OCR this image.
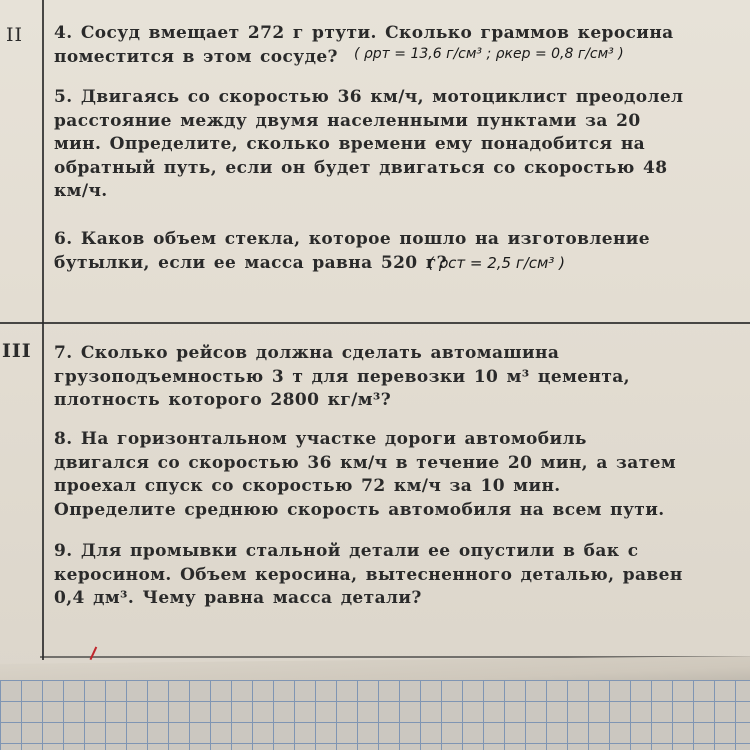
II
III
4. Сосуд вмещает 272 г ртути. Сколько граммов керосина поместится в этом сосуде?	( ρрт = 13,6 г/см³ ; ρкер = 0,8 г/см³ )
5. Двигаясь со скоростью 36 км/ч, мотоциклист преодолел расстояние между двумя населенными пунктами за 20 мин. Определите, сколько времени ему понадобится на обратный путь, если он будет двигаться со скоростью 48 км/ч.
6. Каков объем стекла, которое пошло на изготовление бутылки, если ее масса равна 520 г?
( ρст = 2,5 г/см³ )
7. Сколько рейсов должна сделать автомашина грузоподъемностью 3 т для перевозки 10 м³ цемента, плотность которого 2800 кг/м³?
8. На горизонтальном участке дороги автомобиль двигался со скоростью 36 км/ч в течение 20 мин, а затем проехал спуск со скоростью 72 км/ч за 10 мин. Определите среднюю скорость автомобиля на всем пути.
9. Для промывки стальной детали ее опустили в бак с керосином. Объем керосина, вытесненного деталью, равен 0,4 дм³. Чему равна масса детали?
